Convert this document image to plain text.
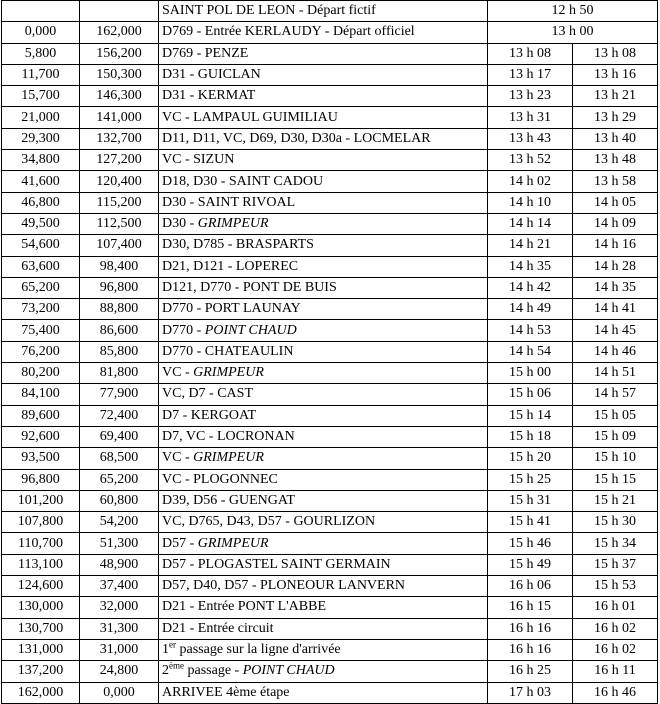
		SAINT POL DE LEON - Départ fictif	12 h 50	
0,000	162,000	D769 - Entrée KERLAUDY - Départ officiel	13 h 00	
5,800	156,200	D769 - PENZE	13 h 08	13 h 08
11,700	150,300	D31 - GUICLAN	13 h 17	13 h 16
15,700	146,300	D31 - KERMAT	13 h 23	13 h 21
21,000	141,000	VC - LAMPAUL GUIMILIAU	13 h 31	13 h 29
29,300	132,700	D11, D11, VC, D69, D30, D30a - LOCMELAR	13 h 43	13 h 40
34,800	127,200	VC - SIZUN	13 h 52	13 h 48
41,600	120,400	D18, D30 - SAINT CADOU	14 h 02	13 h 58
46,800	115,200	D30 - SAINT RIVOAL	14 h 10	14 h 05
49,500	112,500	D30 - GRIMPEUR	14 h 14	14 h 09
54,600	107,400	D30, D785 - BRASPARTS	14 h 21	14 h 16
63,600	98,400	D21, D121 - LOPEREC	14 h 35	14 h 28
65,200	96,800	D121, D770 - PONT DE BUIS	14 h 42	14 h 35
73,200	88,800	D770 - PORT LAUNAY	14 h 49	14 h 41
75,400	86,600	D770 - POINT CHAUD	14 h 53	14 h 45
76,200	85,800	D770 - CHATEAULIN	14 h 54	14 h 46
80,200	81,800	VC - GRIMPEUR	15 h 00	14 h 51
84,100	77,900	VC, D7 - CAST	15 h 06	14 h 57
89,600	72,400	D7 - KERGOAT	15 h 14	15 h 05
92,600	69,400	D7, VC - LOCRONAN	15 h 18	15 h 09
93,500	68,500	VC - GRIMPEUR	15 h 20	15 h 10
96,800	65,200	VC - PLOGONNEC	15 h 25	15 h 15
101,200	60,800	D39, D56 - GUENGAT	15 h 31	15 h 21
107,800	54,200	VC, D765, D43, D57 - GOURLIZON	15 h 41	15 h 30
110,700	51,300	D57 - GRIMPEUR	15 h 46	15 h 34
113,100	48,900	D57 - PLOGASTEL SAINT GERMAIN	15 h 49	15 h 37
124,600	37,400	D57, D40, D57 - PLONEOUR LANVERN	16 h 06	15 h 53
130,000	32,000	D21 - Entrée PONT L'ABBE	16 h 15	16 h 01
130,700	31,300	D21 - Entrée circuit	16 h 16	16 h 02
131,000	31,000	1er passage sur la ligne d'arrivée	16 h 16	16 h 02
137,200	24,800	2ème passage - POINT CHAUD	16 h 25	16 h 11
162,000	0,000	ARRIVEE 4ème étape	17 h 03	16 h 46
